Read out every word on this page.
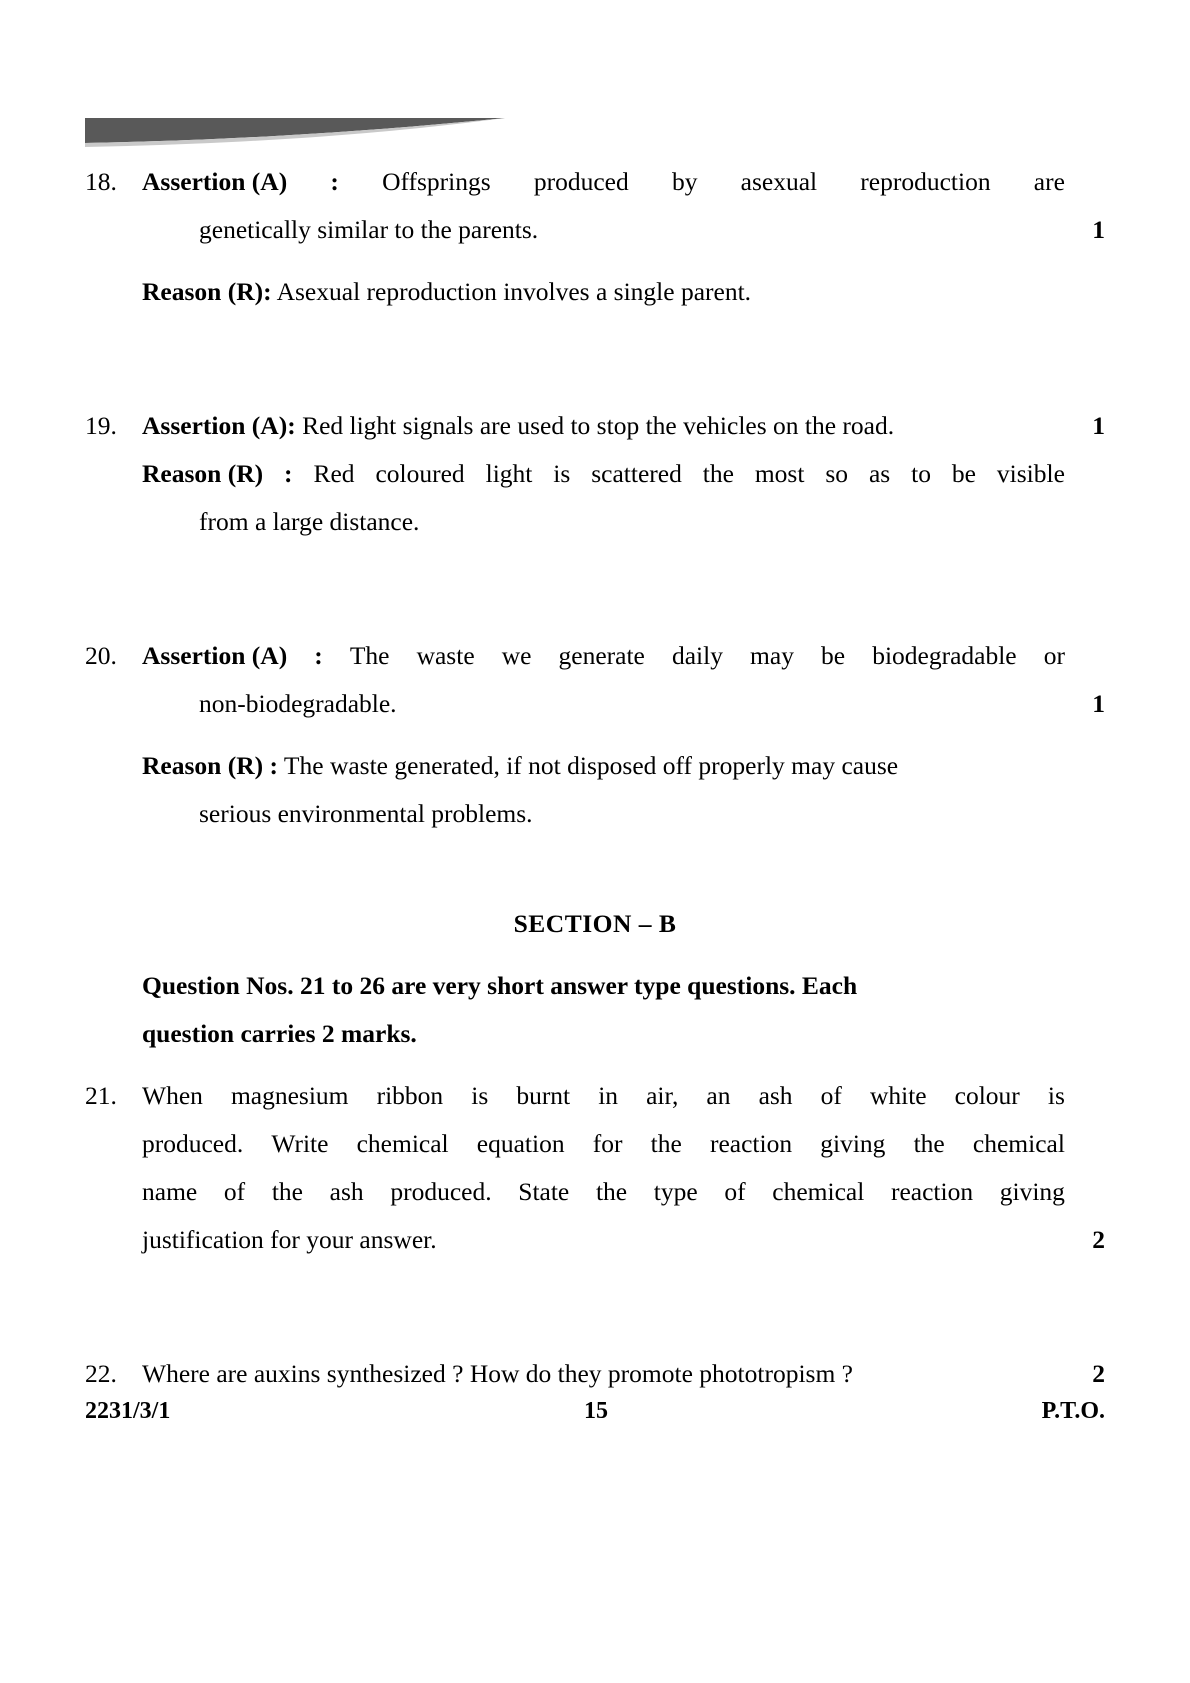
18. Assertion (A) : Offsprings produced by asexual reproduction are
genetically similar to the parents.	1
Reason (R): Asexual reproduction involves a single parent.
19. Assertion (A): Red light signals are used to stop the vehicles on the road.	1
Reason (R) : Red coloured light is scattered the most so as to be visible
from a large distance.
20. Assertion (A) : The waste we generate daily may be biodegradable or
non-biodegradable.	1
Reason (R) : The waste generated, if not disposed off properly may cause
serious environmental problems.
SECTION – B
Question Nos. 21 to 26 are very short answer type questions. Each
question carries 2 marks.
21. When magnesium ribbon is burnt in air, an ash of white colour is
produced. Write chemical equation for the reaction giving the chemical
name of the ash produced. State the type of chemical reaction giving
justification for your answer.	2
22. Where are auxins synthesized ? How do they promote phototropism ?	2
2231/3/1	15	P.T.O.
